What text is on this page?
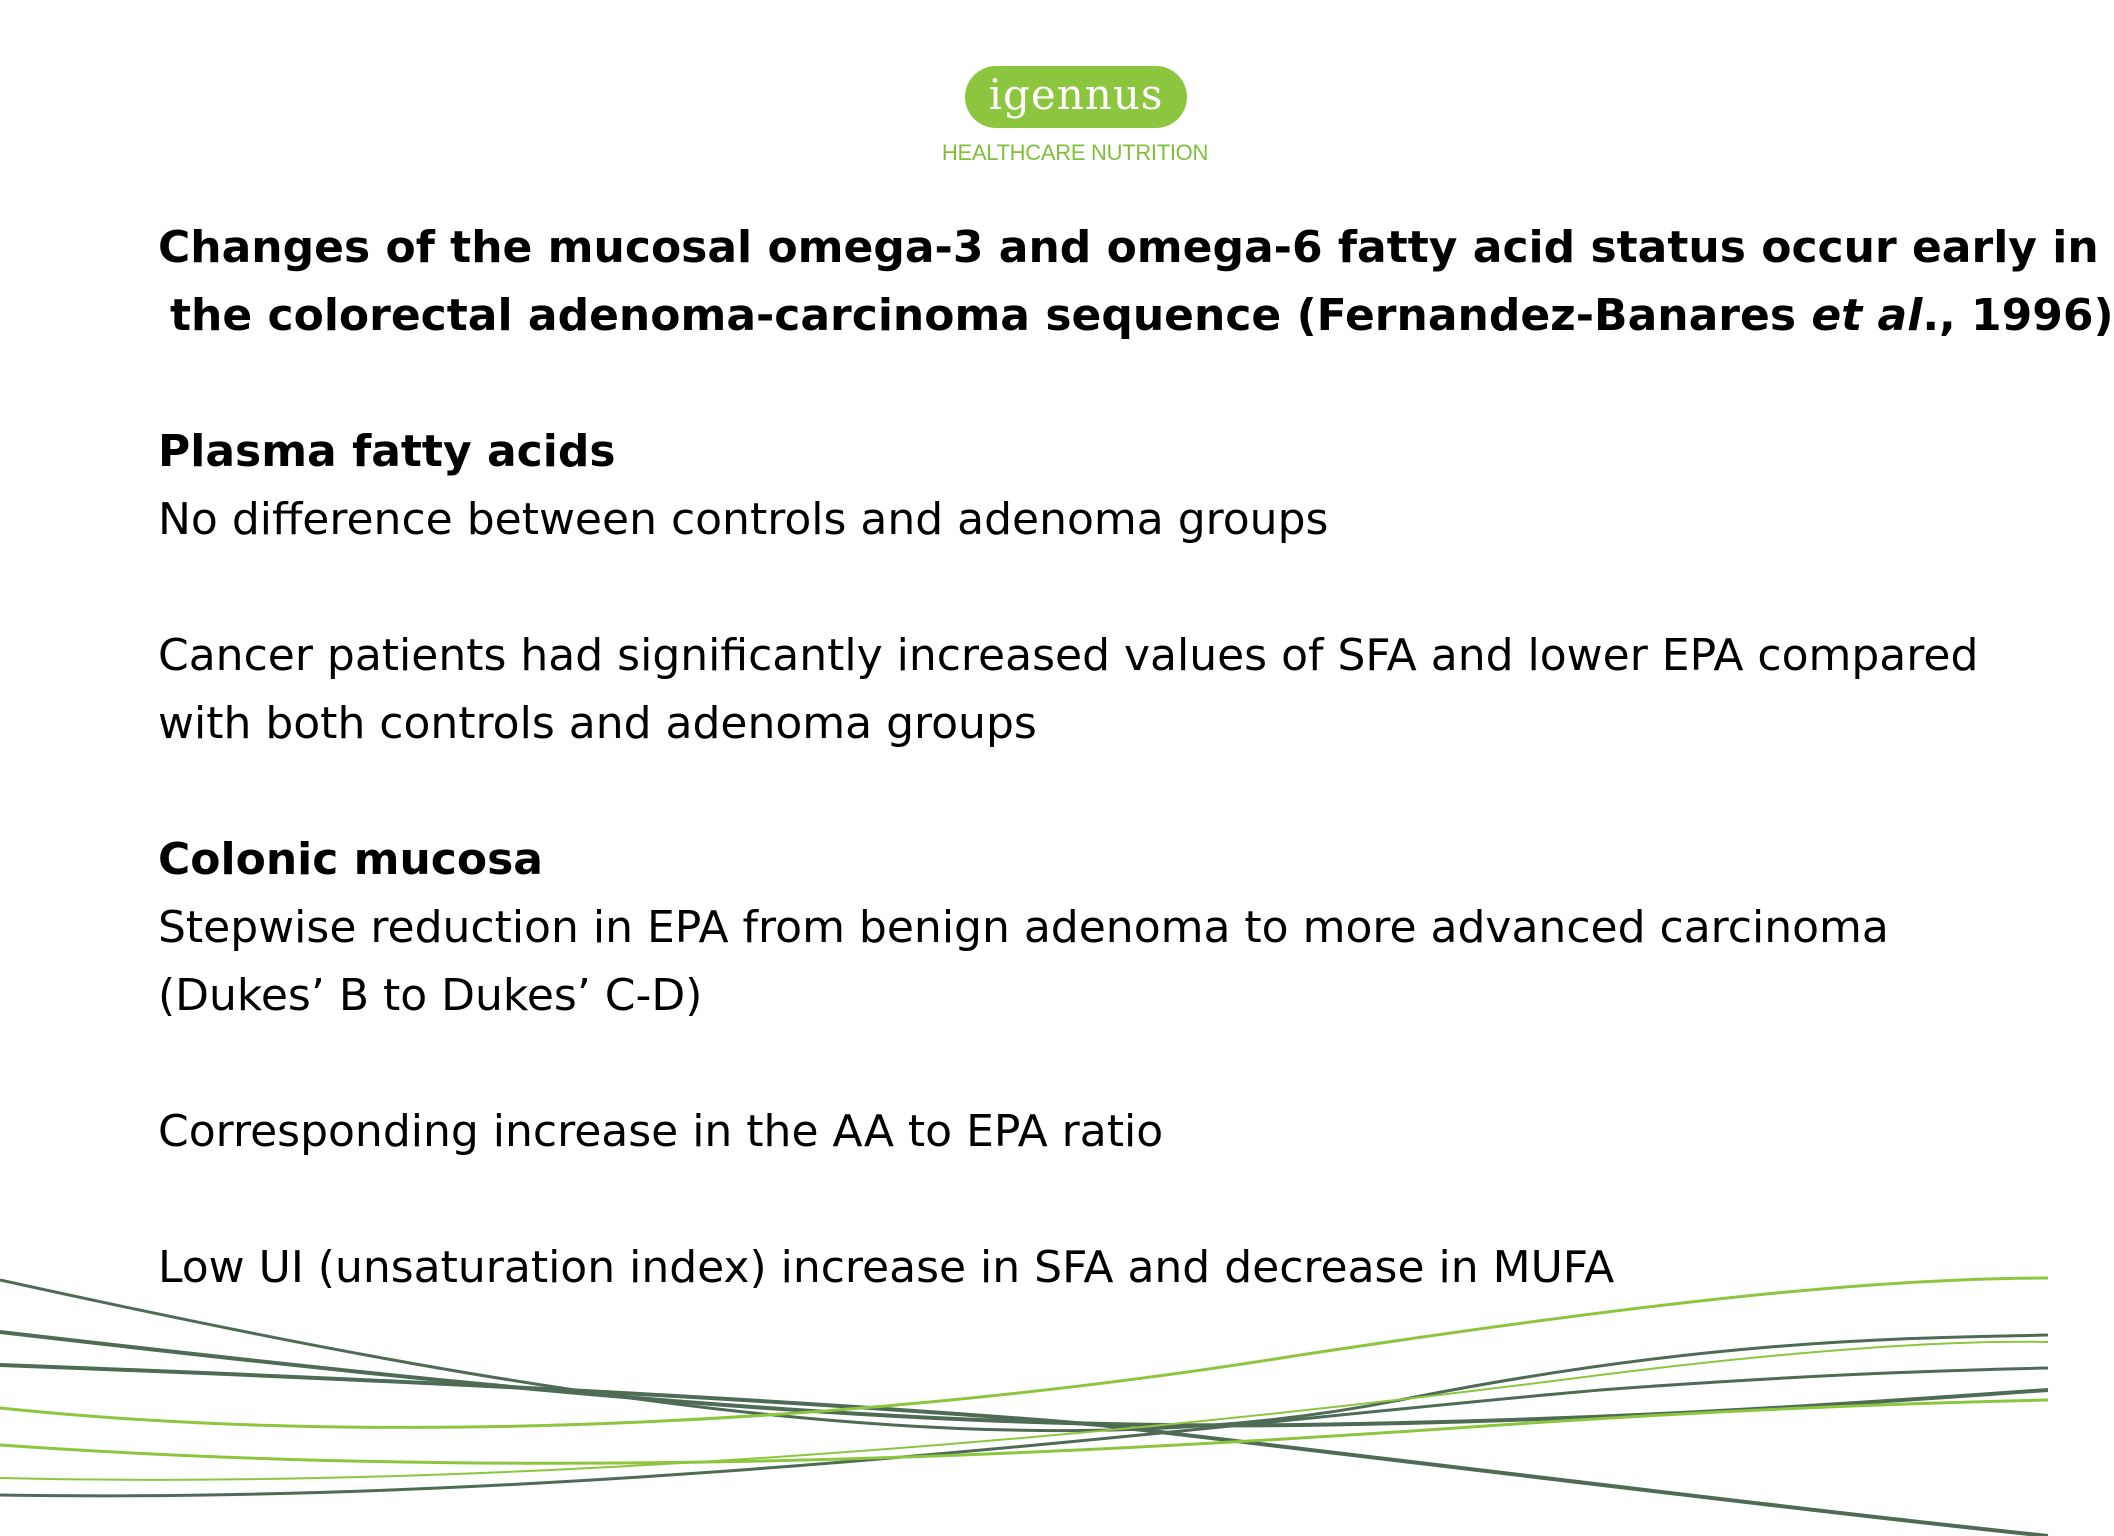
igennus
HEALTHCARE NUTRITION
Changes of the mucosal omega-3 and omega-6 fatty acid status occur early in
the colorectal adenoma-carcinoma sequence (Fernandez-Banares et al., 1996)
Plasma fatty acids
No difference between controls and adenoma groups
Cancer patients had significantly increased values of SFA and lower EPA compared
with both controls and adenoma groups
Colonic mucosa
Stepwise reduction in EPA from benign adenoma to more advanced carcinoma
(Dukes’ B to Dukes’ C-D)
Corresponding increase in the AA to EPA ratio
Low UI (unsaturation index) increase in SFA and decrease in MUFA
